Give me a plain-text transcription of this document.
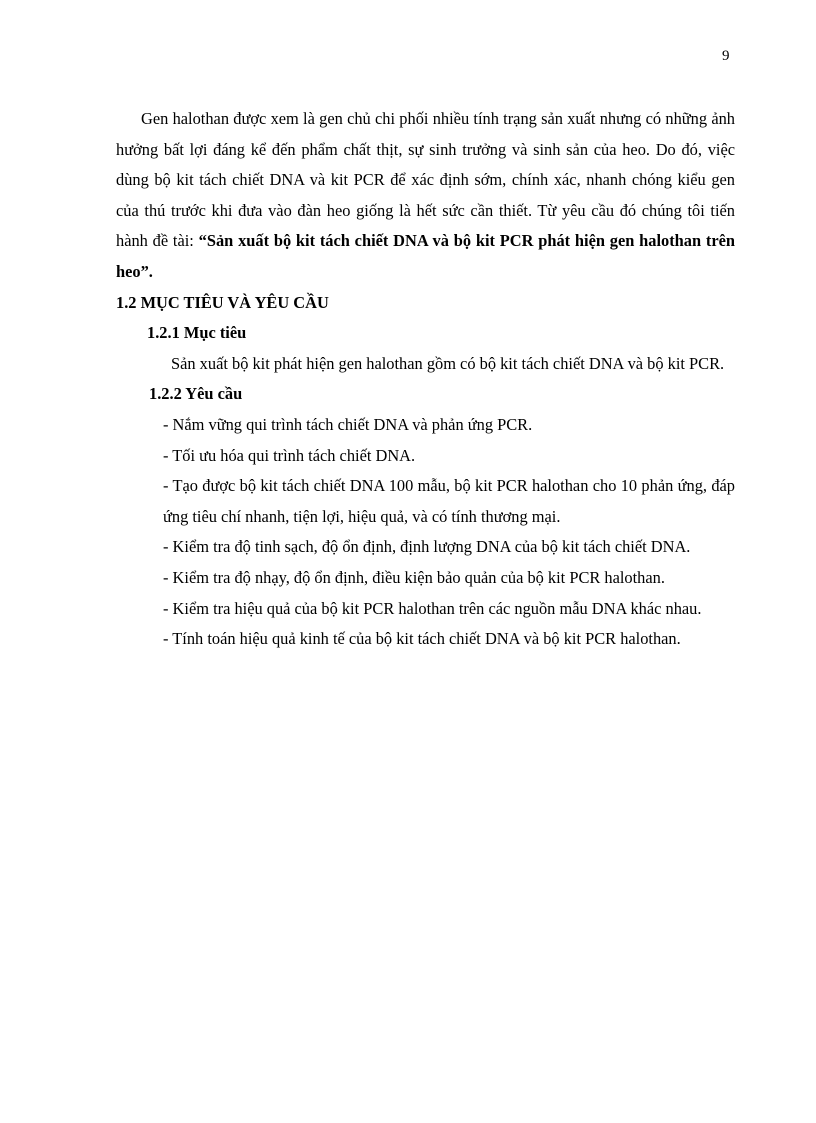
9

Gen halothan được xem là gen chủ chi phối nhiều tính trạng sản xuất nhưng có những ảnh hưởng bất lợi đáng kể đến phẩm chất thịt, sự sinh trưởng và sinh sản của heo. Do đó, việc dùng bộ kit tách chiết DNA và kit PCR để xác định sớm, chính xác, nhanh chóng kiểu gen của thú trước khi đưa vào đàn heo giống là hết sức cần thiết. Từ yêu cầu đó chúng tôi tiến hành đề tài: “Sản xuất bộ kit tách chiết DNA và bộ kit PCR phát hiện gen halothan trên heo”.

1.2 MỤC TIÊU VÀ YÊU CẦU

1.2.1 Mục tiêu

Sản xuất bộ kit phát hiện gen halothan gồm có bộ kit tách chiết DNA và bộ kit PCR.

1.2.2 Yêu cầu

- Nắm vững qui trình tách chiết DNA và phản ứng PCR.

- Tối ưu hóa qui trình tách chiết DNA.

- Tạo được bộ kit tách chiết DNA 100 mẫu, bộ kit PCR halothan cho 10 phản ứng, đáp ứng tiêu chí nhanh, tiện lợi, hiệu quả, và có tính thương mại.

- Kiểm tra độ tinh sạch, độ ổn định, định lượng DNA của bộ kit tách chiết DNA.

- Kiểm tra độ nhạy, độ ổn định, điều kiện bảo quản của bộ kit PCR halothan.

- Kiểm tra hiệu quả của bộ kit PCR halothan trên các nguồn mẫu DNA khác nhau.

- Tính toán hiệu quả kinh tế của bộ kit tách chiết DNA và bộ kit PCR halothan.
